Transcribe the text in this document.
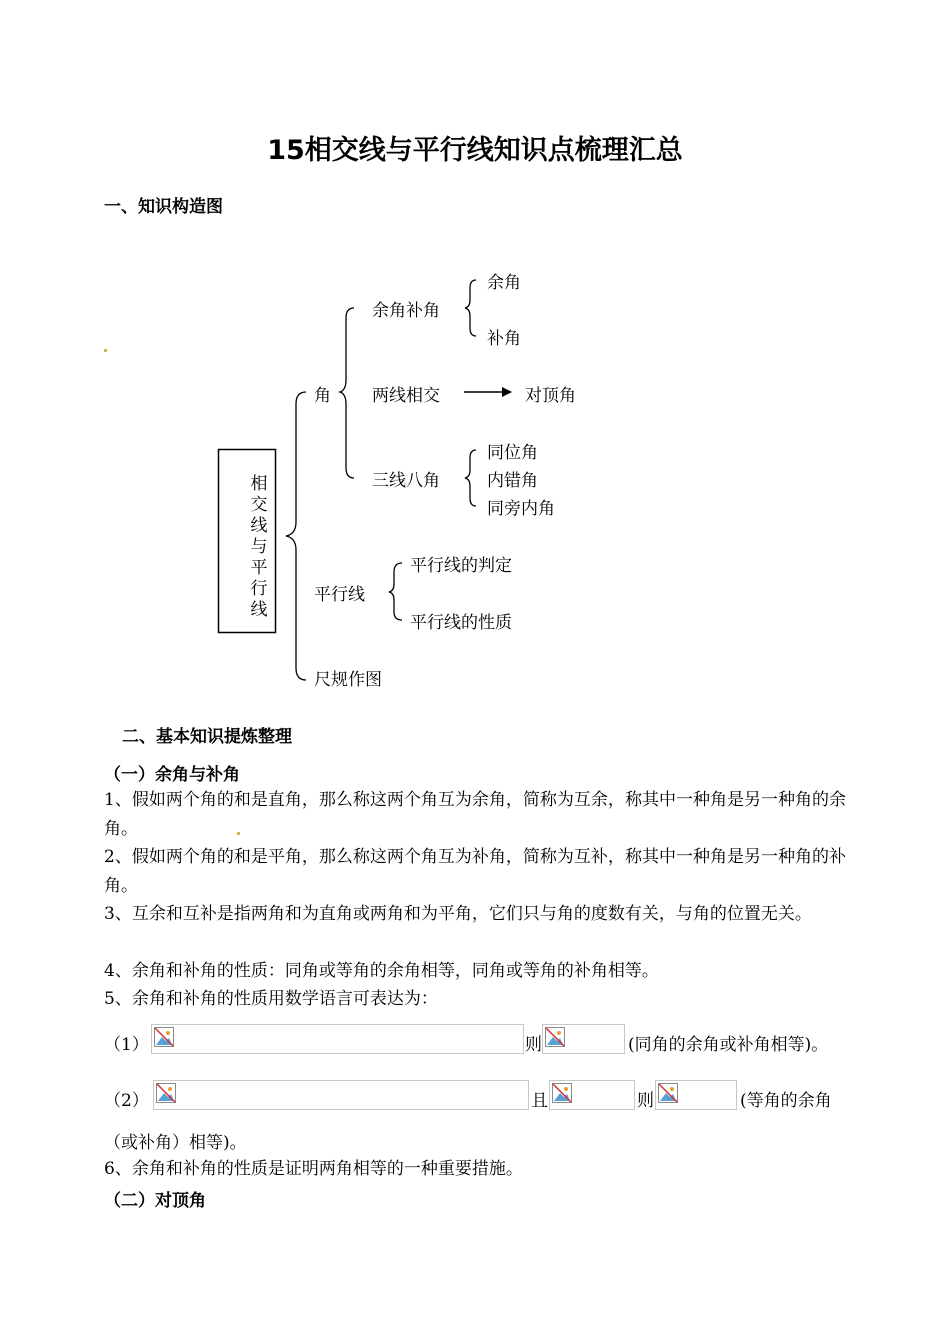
15相交线与平行线知识点梳理汇总
一、知识构造图
相交线与平行线
角
余角补角
余角
补角
两线相交	对顶角
三线八角
同位角
内错角
同旁内角
平行线
平行线的判定
平行线的性质
尺规作图
二、基本知识提炼整理
（一）余角与补角
1、假如两个角的和是直角，那么称这两个角互为余角，简称为互余，称其中一种角是另一种角的余角。
2、假如两个角的和是平角，那么称这两个角互为补角，简称为互补，称其中一种角是另一种角的补角。
3、互余和互补是指两角和为直角或两角和为平角，它们只与角的度数有关，与角的位置无关。
4、余角和补角的性质：同角或等角的余角相等，同角或等角的补角相等。
5、余角和补角的性质用数学语言可表达为：
（1）	则	(同角的余角或补角相等)。
（2）	且	则	(等角的余角
（或补角）相等)。
6、余角和补角的性质是证明两角相等的一种重要措施。
（二）对顶角
